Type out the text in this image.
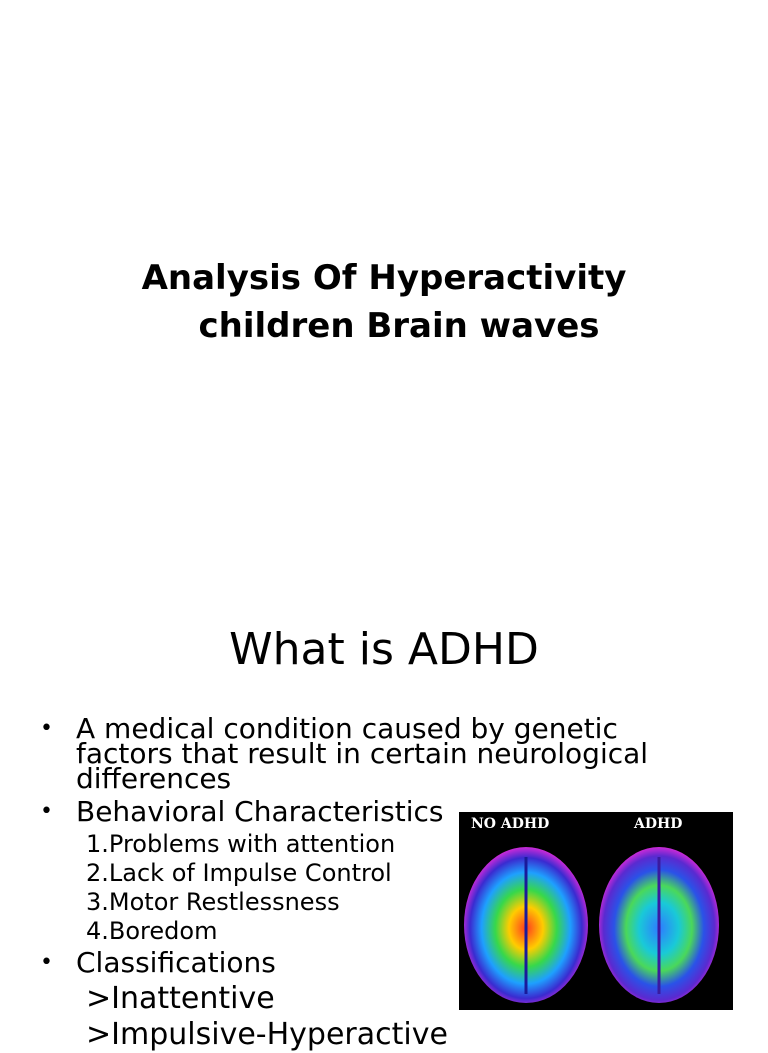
Analysis Of Hyperactivity
children Brain waves
What is ADHD
• A medical condition caused by genetic factors that result in certain neurological differences
• Behavioral Characteristics
1.Problems with attention
2.Lack of Impulse Control
3.Motor Restlessness
4.Boredom
• Classifications
>Inattentive
>Impulsive-Hyperactive
NO ADHD	ADHD
